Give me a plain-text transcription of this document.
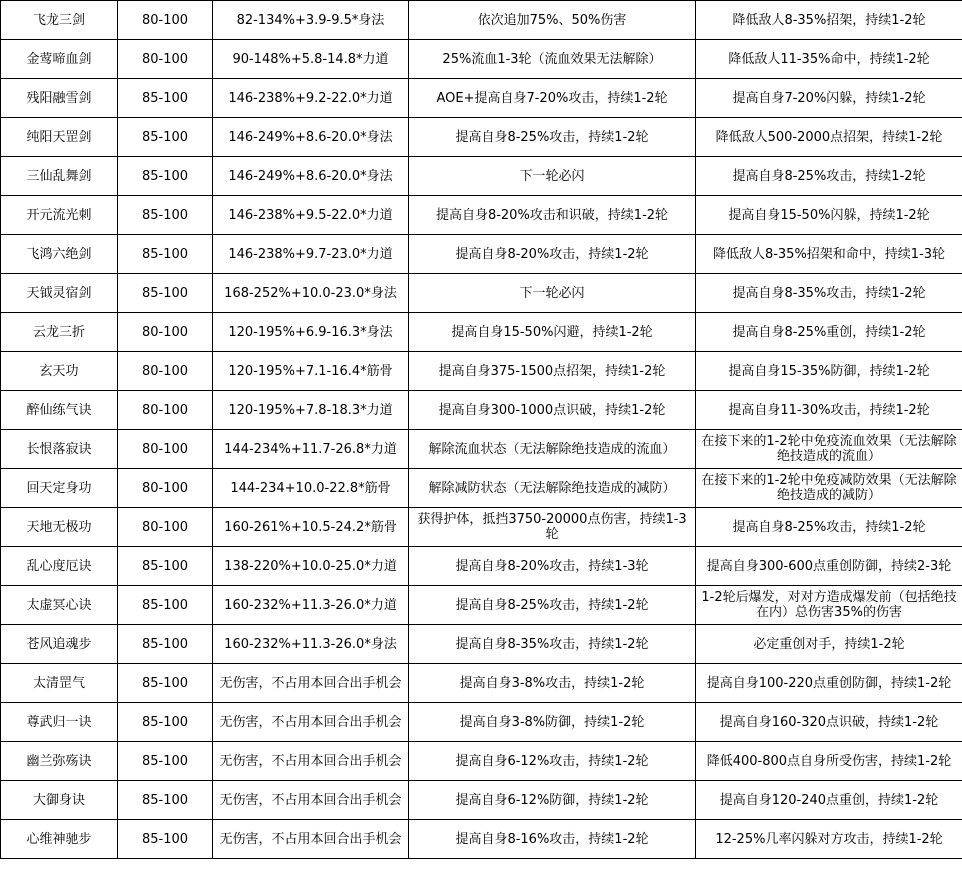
飞龙三剑	80-100	82-134%+3.9-9.5*身法	依次追加75%、50%伤害	降低敌人8-35%招架，持续1-2轮
金莺啼血剑	80-100	90-148%+5.8-14.8*力道	25%流血1-3轮（流血效果无法解除）	降低敌人11-35%命中，持续1-2轮
残阳融雪剑	85-100	146-238%+9.2-22.0*力道	AOE+提高自身7-20%攻击，持续1-2轮	提高自身7-20%闪躲，持续1-2轮
纯阳天罡剑	85-100	146-249%+8.6-20.0*身法	提高自身8-25%攻击，持续1-2轮	降低敌人500-2000点招架，持续1-2轮
三仙乱舞剑	85-100	146-249%+8.6-20.0*身法	下一轮必闪	提高自身8-25%攻击，持续1-2轮
开元流光刺	85-100	146-238%+9.5-22.0*力道	提高自身8-20%攻击和识破，持续1-2轮	提高自身15-50%闪躲，持续1-2轮
飞鸿六绝剑	85-100	146-238%+9.7-23.0*力道	提高自身8-20%攻击，持续1-2轮	降低敌人8-35%招架和命中，持续1-3轮
天钺灵宿剑	85-100	168-252%+10.0-23.0*身法	下一轮必闪	提高自身8-35%攻击，持续1-2轮
云龙三折	80-100	120-195%+6.9-16.3*身法	提高自身15-50%闪避，持续1-2轮	提高自身8-25%重创，持续1-2轮
玄天功	80-100	120-195%+7.1-16.4*筋骨	提高自身375-1500点招架，持续1-2轮	提高自身15-35%防御，持续1-2轮
醉仙练气诀	80-100	120-195%+7.8-18.3*力道	提高自身300-1000点识破，持续1-2轮	提高自身11-30%攻击，持续1-2轮
长恨落寂诀	80-100	144-234%+11.7-26.8*力道	解除流血状态（无法解除绝技造成的流血）	在接下来的1-2轮中免疫流血效果（无法解除绝技造成的流血）
回天定身功	80-100	144-234+10.0-22.8*筋骨	解除减防状态（无法解除绝技造成的减防）	在接下来的1-2轮中免疫减防效果（无法解除绝技造成的减防）
天地无极功	80-100	160-261%+10.5-24.2*筋骨	获得护体，抵挡3750-20000点伤害，持续1-3轮	提高自身8-25%攻击，持续1-2轮
乱心度厄诀	85-100	138-220%+10.0-25.0*力道	提高自身8-20%攻击，持续1-3轮	提高自身300-600点重创防御，持续2-3轮
太虚冥心诀	85-100	160-232%+11.3-26.0*力道	提高自身8-25%攻击，持续1-2轮	1-2轮后爆发，对对方造成爆发前（包括绝技在内）总伤害35%的伤害
苍风追魂步	85-100	160-232%+11.3-26.0*身法	提高自身8-35%攻击，持续1-2轮	必定重创对手，持续1-2轮
太清罡气	85-100	无伤害，不占用本回合出手机会	提高自身3-8%攻击，持续1-2轮	提高自身100-220点重创防御，持续1-2轮
尊武归一诀	85-100	无伤害，不占用本回合出手机会	提高自身3-8%防御，持续1-2轮	提高自身160-320点识破，持续1-2轮
幽兰弥殇诀	85-100	无伤害，不占用本回合出手机会	提高自身6-12%攻击，持续1-2轮	降低400-800点自身所受伤害，持续1-2轮
大御身诀	85-100	无伤害，不占用本回合出手机会	提高自身6-12%防御，持续1-2轮	提高自身120-240点重创，持续1-2轮
心维神驰步	85-100	无伤害，不占用本回合出手机会	提高自身8-16%攻击，持续1-2轮	12-25%几率闪躲对方攻击，持续1-2轮
